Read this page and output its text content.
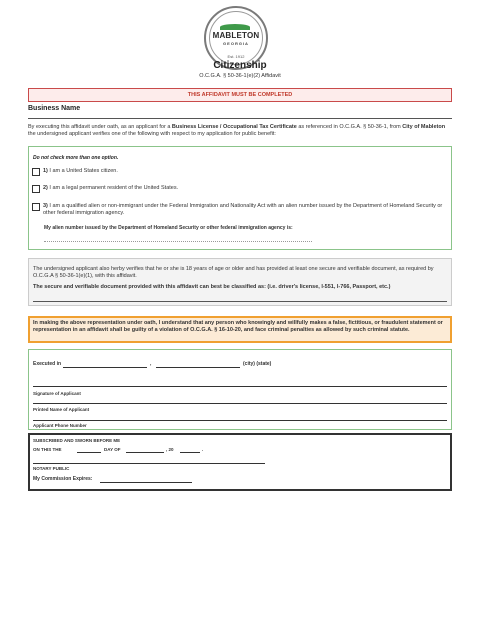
MABLETON
GEORGIA
Est. 1912
Citizenship
O.C.G.A. § 50-36-1(e)(2) Affidavit
THIS AFFIDAVIT MUST BE COMPLETED
Business Name
By executing this affidavit under oath, as an applicant for a Business License / Occupational Tax Certificate as referenced in O.C.G.A. § 50-36-1, from City of Mableton the undersigned applicant verifies one of the following with respect to my application for public benefit:
Do not check more than one option.
1) I am a United States citizen.
2) I am a legal permanent resident of the United States.
3) I am a qualified alien or non-immigrant under the Federal Immigration and Nationality Act with an alien number issued by the Department of Homeland Security or other federal immigration agency.
My alien number issued by the Department of Homeland Security or other federal immigration agency is:
The undersigned applicant also herby verifies that he or she is 18 years of age or older and has provided at least one secure and verifiable document, as required by O.C.G.A § 50-36-1(e)(1), with this affidavit.
The secure and verifiable document provided with this affidavit can best be classified as: (i.e. driver's license, I-551, I-766, Passport, etc.)
In making the above representation under oath, I understand that any person who knowingly and willfully makes a false, fictitious, or fraudulent statement or representation in an affidavit shall be guilty of a violation of O.C.G.A. § 16-10-20, and face criminal penalties as allowed by such criminal statute.
Executed in	,	(city) (state)
Signature of Applicant
Printed Name of Applicant
Applicant Phone Number
SUBSCRIBED AND SWORN BEFORE ME
ON THIS THE	DAY OF	, 20	.
NOTARY PUBLIC
My Commission Expires:
